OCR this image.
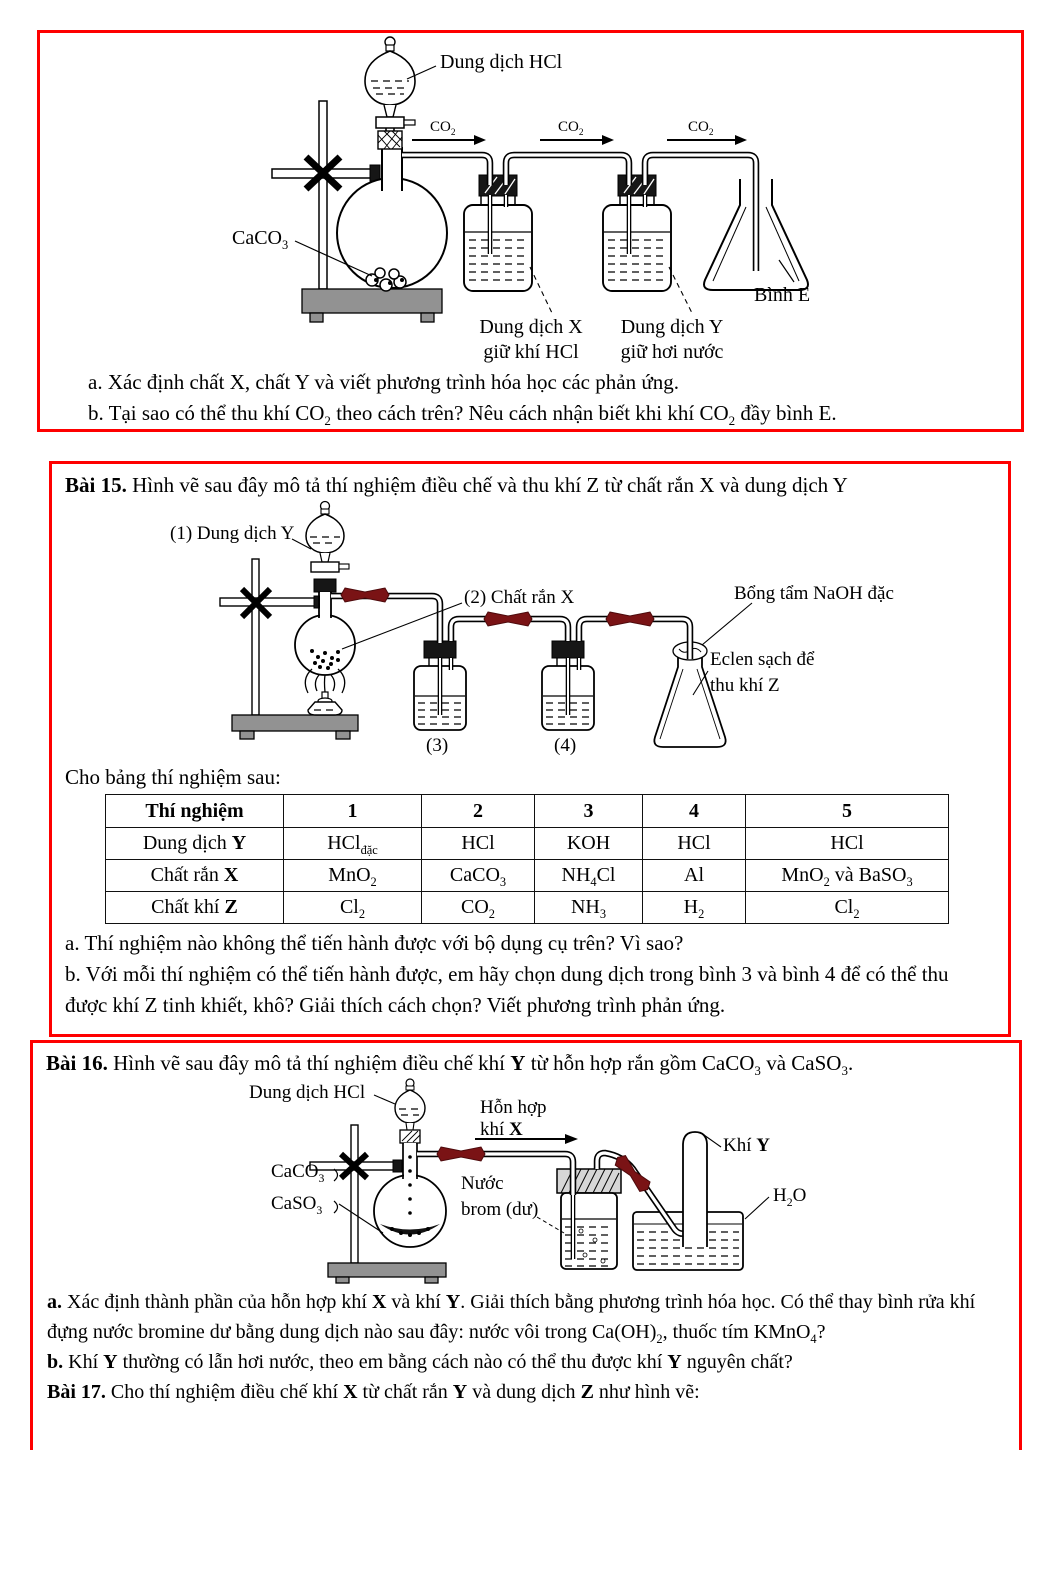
Dung dịch HCl
CaCO$_3$
$CO_2$	$CO_2$	$CO_2$
Dung dịch X
giữ khí HCl
Dung dịch Y
giữ hơi nước
Bình E
a. Xác định chất X, chất Y và viết phương trình hóa học các phản ứng.
b. Tại sao có thể thu khí $CO_2$ theo cách trên? Nêu cách nhận biết khi khí $CO_2$ đầy bình E.
Bài 15. Hình vẽ sau đây mô tả thí nghiệm điều chế và thu khí Z từ chất rắn X và dung dịch Y
(1) Dung dịch Y
(2) Chất rắn X	Bổng tẩm NaOH đặc
Eclen sạch để
thu khí Z
(3)	(4)
Cho bảng thí nghiệm sau:
Thí nghiệm	1	2	3	4	5
Dung dịch Y	HCl$_{đặc}$	HCl	KOH	HCl	HCl
Chất rắn X	MnO$_2$	CaCO$_3$	$NH_4Cl$	Al	MnO$_2$ và BaSO$_3$
Chất khí Z	$Cl_2$	$CO_2$	$NH_3$	$H_2$	$Cl_2$
a. Thí nghiệm nào không thể tiến hành được với bộ dụng cụ trên? Vì sao?
b. Với mỗi thí nghiệm có thể tiến hành được, em hãy chọn dung dịch trong bình 3 và bình 4 để có thể thu được khí Z tinh khiết, khô? Giải thích cách chọn? Viết phương trình phản ứng.
Bài 16. Hình vẽ sau đây mô tả thí nghiệm điều chế khí Y từ hỗn hợp rắn gồm CaCO$_3$ và CaSO$_3$.
Dung dịch HCl
Hỗn hợp
khí X
Khí Y
CaCO$_3$
CaSO$_3$
Nước
brom (dư)
$H_2O$
a. Xác định thành phần của hỗn hợp khí X và khí Y. Giải thích bằng phương trình hóa học. Có thể thay bình rửa khí đựng nước bromine dư bằng dung dịch nào sau đây: nước vôi trong $Ca(OH)_2$, thuốc tím KMnO$_4$?
b. Khí Y thường có lẫn hơi nước, theo em bằng cách nào có thể thu được khí Y nguyên chất?
Bài 17. Cho thí nghiệm điều chế khí X từ chất rắn Y và dung dịch Z như hình vẽ:
